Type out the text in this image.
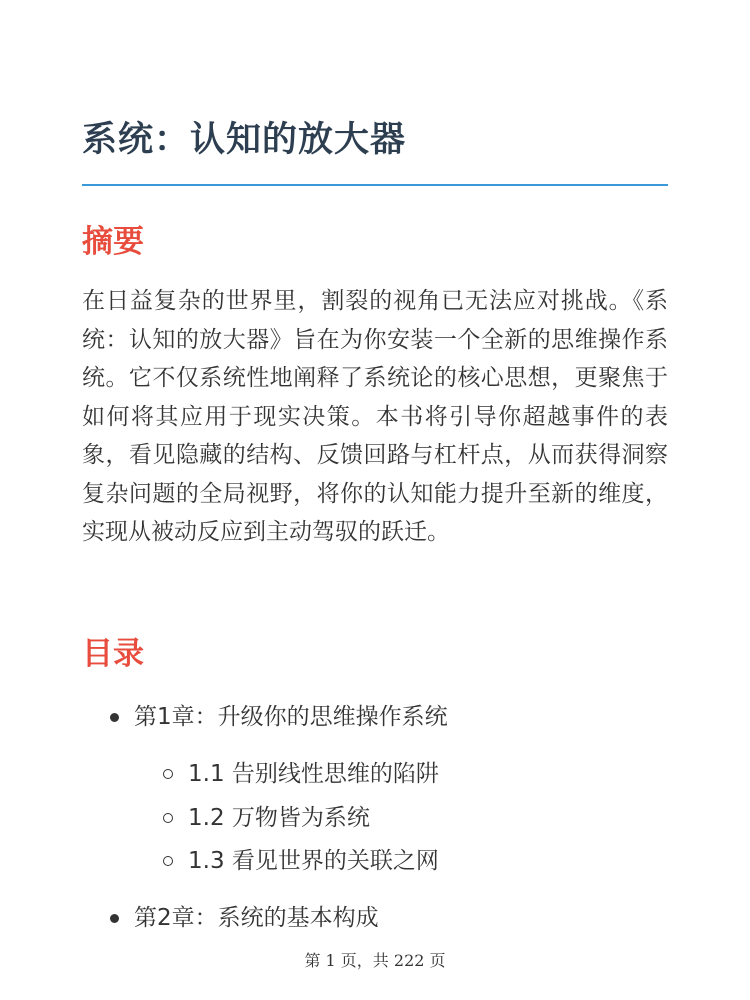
系统：认知的放大器
摘要

在日益复杂的世界里，割裂的视角已无法应对挑战。《系统：认知的放大器》旨在为你安装一个全新的思维操作系统。它不仅系统性地阐释了系统论的核心思想，更聚焦于如何将其应用于现实决策。本书将引导你超越事件的表象，看见隐藏的结构、反馈回路与杠杆点，从而获得洞察复杂问题的全局视野，将你的认知能力提升至新的维度，实现从被动反应到主动驾驭的跃迁。

目录
第1章：升级你的思维操作系统
1.1 告别线性思维的陷阱
1.2 万物皆为系统
1.3 看见世界的关联之网
第2章：系统的基本构成
第 1 页，共 222 页
